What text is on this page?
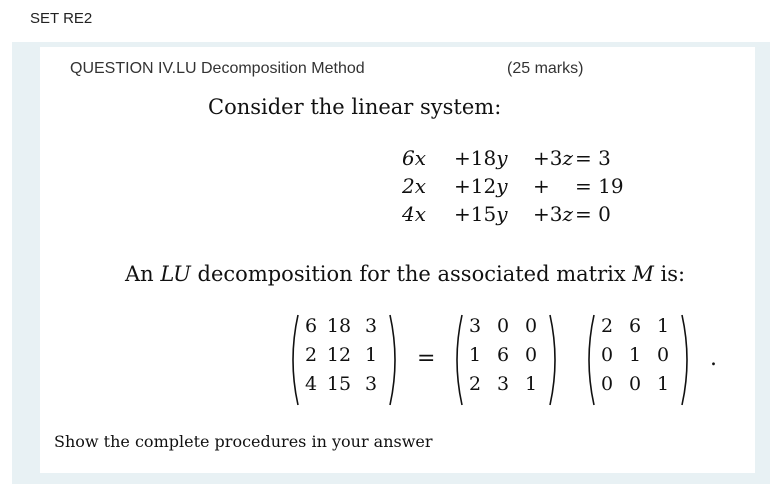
SET RE2
QUESTION IV.LU Decomposition Method	(25 marks)
Consider the linear system:
6x +18y +3z = 3
2x +12y + = 19
4x +15y +3z = 0
An LU decomposition for the associated matrix M is:
6 18 3
2 12 1
4 15 3
=
3 0 0
1 6 0
2 3 1
2 6 1
0 1 0
0 0 1
.
Show the complete procedures in your answer
